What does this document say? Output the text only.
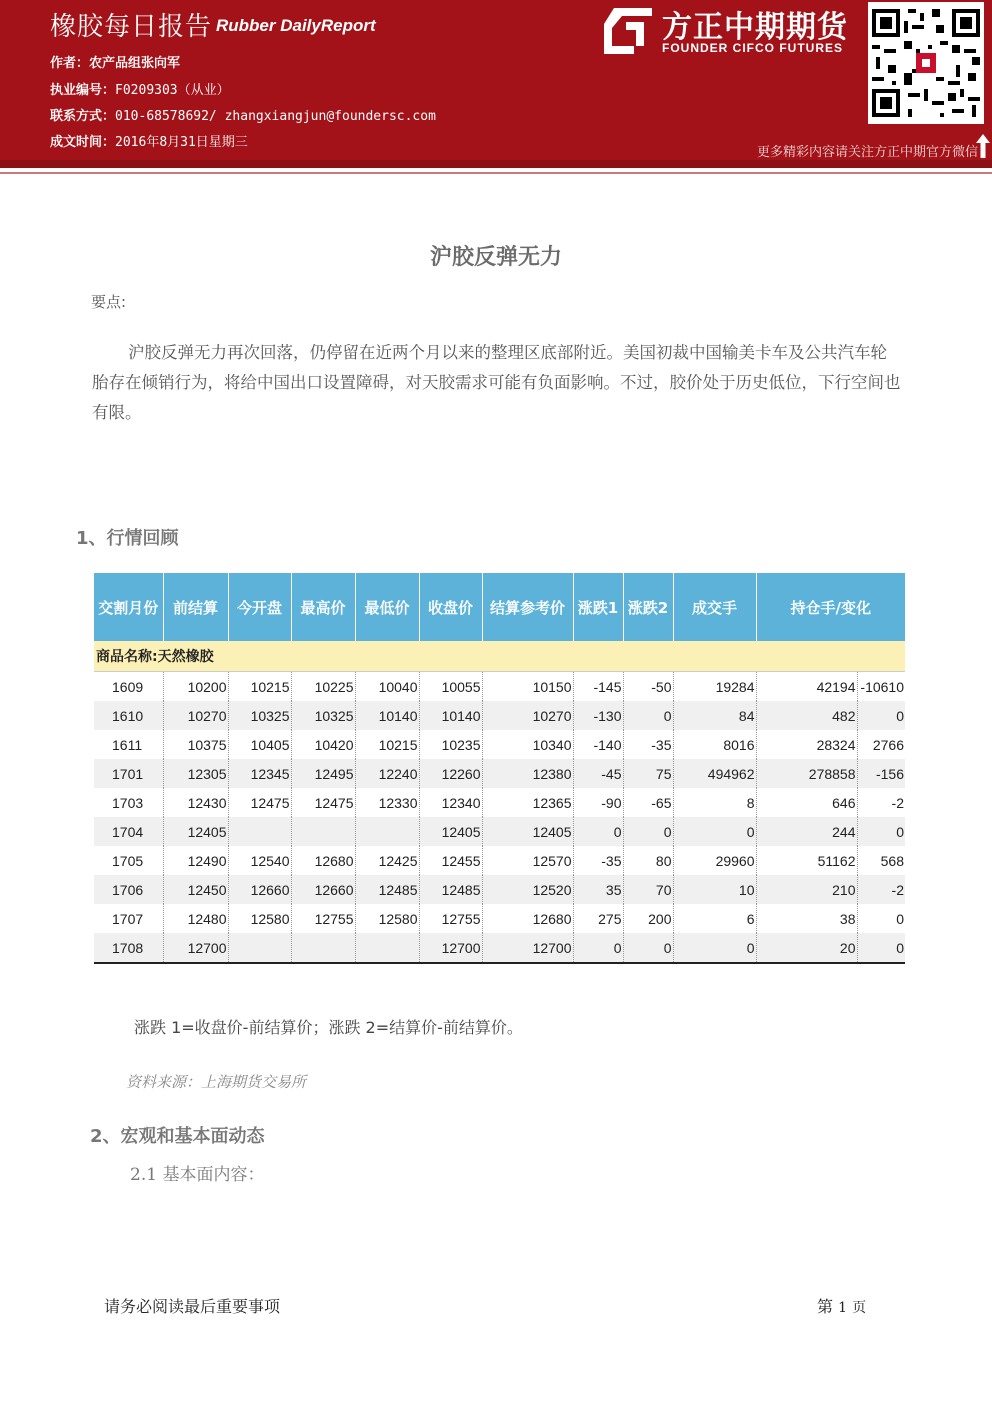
橡胶每日报告 Rubber DailyReport
作者：农产品组张向军
执业编号：F0209303（从业）
联系方式：010-68578692/ zhangxiangjun@foundersc.com
成文时间：2016年8月31日星期三
方正中期期货
FOUNDER CIFCO FUTURES
更多精彩内容请关注方正中期官方微信
沪胶反弹无力
要点:
沪胶反弹无力再次回落，仍停留在近两个月以来的整理区底部附近。美国初裁中国输美卡车及公共汽车轮胎存在倾销行为，将给中国出口设置障碍，对天胶需求可能有负面影响。不过，胶价处于历史低位，下行空间也有限。
1、行情回顾
交割月份	前结算	今开盘	最高价	最低价	收盘价	结算参考价	涨跌1	涨跌2	成交手	持仓手/变化	
商品名称:天然橡胶											
1609	10200	10215	10225	10040	10055	10150	-145	-50	19284	42194	-10610
1610	10270	10325	10325	10140	10140	10270	-130	0	84	482	0
1611	10375	10405	10420	10215	10235	10340	-140	-35	8016	28324	2766
1701	12305	12345	12495	12240	12260	12380	-45	75	494962	278858	-156
1703	12430	12475	12475	12330	12340	12365	-90	-65	8	646	-2
1704	12405				12405	12405	0	0	0	244	0
1705	12490	12540	12680	12425	12455	12570	-35	80	29960	51162	568
1706	12450	12660	12660	12485	12485	12520	35	70	10	210	-2
1707	12480	12580	12755	12580	12755	12680	275	200	6	38	0
1708	12700				12700	12700	0	0	0	20	0
涨跌 1=收盘价-前结算价；涨跌 2=结算价-前结算价。
资料来源：上海期货交易所
2、宏观和基本面动态
2.1 基本面内容：
请务必阅读最后重要事项	第 1 页
